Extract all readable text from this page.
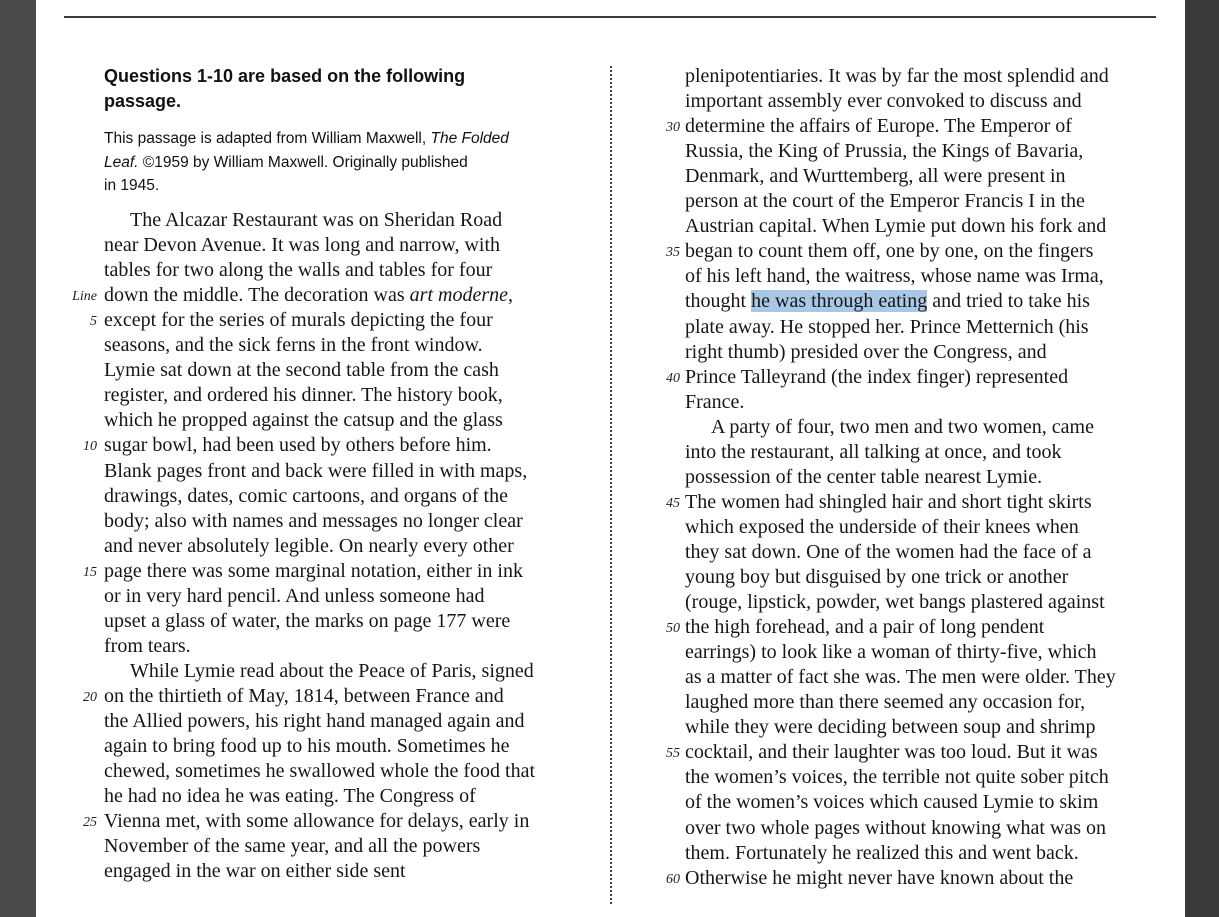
Questions 1-10 are based on the following passage.
This passage is adapted from William Maxwell, The Folded
Leaf. ©1959 by William Maxwell. Originally published
in 1945.
The Alcazar Restaurant was on Sheridan Road
near Devon Avenue. It was long and narrow, with
tables for two along the walls and tables for four
down the middle. The decoration was art moderne,
Line
except for the series of murals depicting the four
5
seasons, and the sick ferns in the front window.
Lymie sat down at the second table from the cash
register, and ordered his dinner. The history book,
which he propped against the catsup and the glass
sugar bowl, had been used by others before him.
10
Blank pages front and back were filled in with maps,
drawings, dates, comic cartoons, and organs of the
body; also with names and messages no longer clear
and never absolutely legible. On nearly every other
page there was some marginal notation, either in ink
15
or in very hard pencil. And unless someone had
upset a glass of water, the marks on page 177 were
from tears.
While Lymie read about the Peace of Paris, signed
on the thirtieth of May, 1814, between France and
20
the Allied powers, his right hand managed again and
again to bring food up to his mouth. Sometimes he
chewed, sometimes he swallowed whole the food that
he had no idea he was eating. The Congress of
Vienna met, with some allowance for delays, early in
25
November of the same year, and all the powers
engaged in the war on either side sent
plenipotentiaries. It was by far the most splendid and
important assembly ever convoked to discuss and
determine the affairs of Europe. The Emperor of
30
Russia, the King of Prussia, the Kings of Bavaria,
Denmark, and Wurttemberg, all were present in
person at the court of the Emperor Francis I in the
Austrian capital. When Lymie put down his fork and
began to count them off, one by one, on the fingers
35
of his left hand, the waitress, whose name was Irma,
thought he was through eating and tried to take his
plate away. He stopped her. Prince Metternich (his
right thumb) presided over the Congress, and
Prince Talleyrand (the index finger) represented
40
France.
A party of four, two men and two women, came
into the restaurant, all talking at once, and took
possession of the center table nearest Lymie.
The women had shingled hair and short tight skirts
45
which exposed the underside of their knees when
they sat down. One of the women had the face of a
young boy but disguised by one trick or another
(rouge, lipstick, powder, wet bangs plastered against
the high forehead, and a pair of long pendent
50
earrings) to look like a woman of thirty-five, which
as a matter of fact she was. The men were older. They
laughed more than there seemed any occasion for,
while they were deciding between soup and shrimp
cocktail, and their laughter was too loud. But it was
55
the women’s voices, the terrible not quite sober pitch
of the women’s voices which caused Lymie to skim
over two whole pages without knowing what was on
them. Fortunately he realized this and went back.
Otherwise he might never have known about the
60
